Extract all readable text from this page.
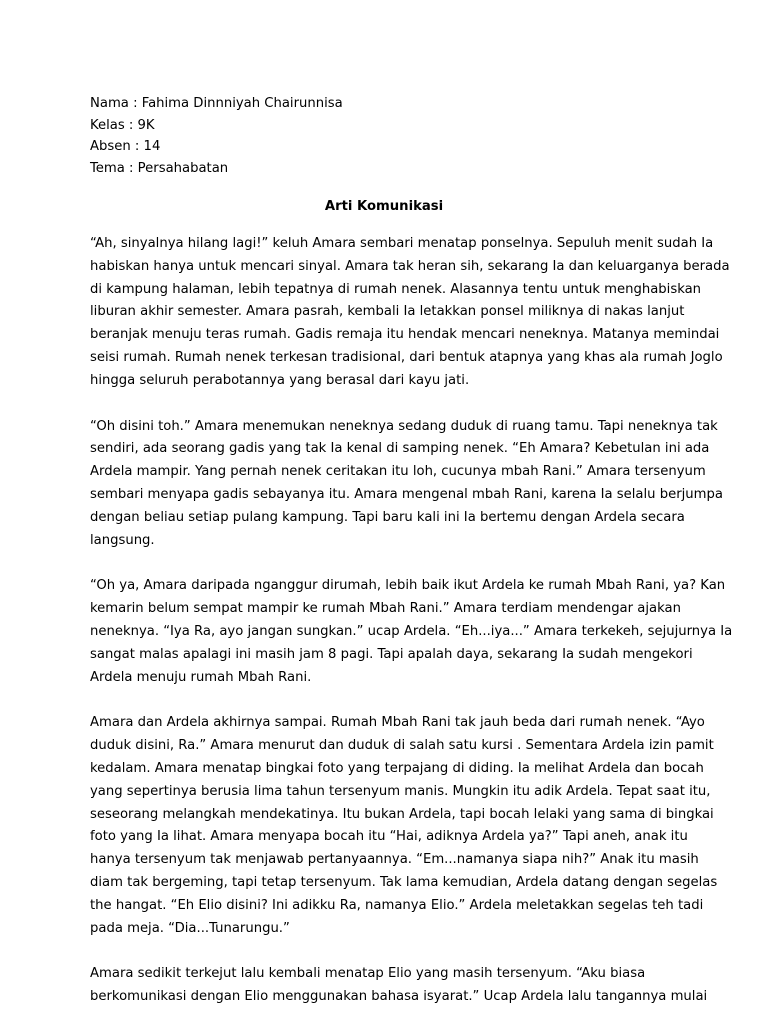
Nama : Fahima Dinnniyah Chairunnisa
Kelas : 9K
Absen : 14
Tema : Persahabatan
Arti Komunikasi
“Ah, sinyalnya hilang lagi!” keluh Amara sembari menatap ponselnya. Sepuluh menit sudah Ia
habiskan hanya untuk mencari sinyal. Amara tak heran sih, sekarang Ia dan keluarganya berada
di kampung halaman, lebih tepatnya di rumah nenek. Alasannya tentu untuk menghabiskan
liburan akhir semester. Amara pasrah, kembali Ia letakkan ponsel miliknya di nakas lanjut
beranjak menuju teras rumah. Gadis remaja itu hendak mencari neneknya. Matanya memindai
seisi rumah. Rumah nenek terkesan tradisional, dari bentuk atapnya yang khas ala rumah Joglo
hingga seluruh perabotannya yang berasal dari kayu jati.
“Oh disini toh.” Amara menemukan neneknya sedang duduk di ruang tamu. Tapi neneknya tak
sendiri, ada seorang gadis yang tak Ia kenal di samping nenek. “Eh Amara? Kebetulan ini ada
Ardela mampir. Yang pernah nenek ceritakan itu loh, cucunya mbah Rani.” Amara tersenyum
sembari menyapa gadis sebayanya itu. Amara mengenal mbah Rani, karena Ia selalu berjumpa
dengan beliau setiap pulang kampung. Tapi baru kali ini Ia bertemu dengan Ardela secara
langsung.
“Oh ya, Amara daripada nganggur dirumah, lebih baik ikut Ardela ke rumah Mbah Rani, ya? Kan
kemarin belum sempat mampir ke rumah Mbah Rani.” Amara terdiam mendengar ajakan
neneknya. “Iya Ra, ayo jangan sungkan.” ucap Ardela. “Eh...iya...” Amara terkekeh, sejujurnya Ia
sangat malas apalagi ini masih jam 8 pagi. Tapi apalah daya, sekarang Ia sudah mengekori
Ardela menuju rumah Mbah Rani.
Amara dan Ardela akhirnya sampai. Rumah Mbah Rani tak jauh beda dari rumah nenek. “Ayo
duduk disini, Ra.” Amara menurut dan duduk di salah satu kursi . Sementara Ardela izin pamit
kedalam. Amara menatap bingkai foto yang terpajang di diding. Ia melihat Ardela dan bocah
yang sepertinya berusia lima tahun tersenyum manis. Mungkin itu adik Ardela. Tepat saat itu,
seseorang melangkah mendekatinya. Itu bukan Ardela, tapi bocah lelaki yang sama di bingkai
foto yang Ia lihat. Amara menyapa bocah itu “Hai, adiknya Ardela ya?” Tapi aneh, anak itu
hanya tersenyum tak menjawab pertanyaannya. “Em...namanya siapa nih?” Anak itu masih
diam tak bergeming, tapi tetap tersenyum. Tak lama kemudian, Ardela datang dengan segelas
the hangat. “Eh Elio disini? Ini adikku Ra, namanya Elio.” Ardela meletakkan segelas teh tadi
pada meja. “Dia...Tunarungu.”
Amara sedikit terkejut lalu kembali menatap Elio yang masih tersenyum. “Aku biasa
berkomunikasi dengan Elio menggunakan bahasa isyarat.” Ucap Ardela lalu tangannya mulai
